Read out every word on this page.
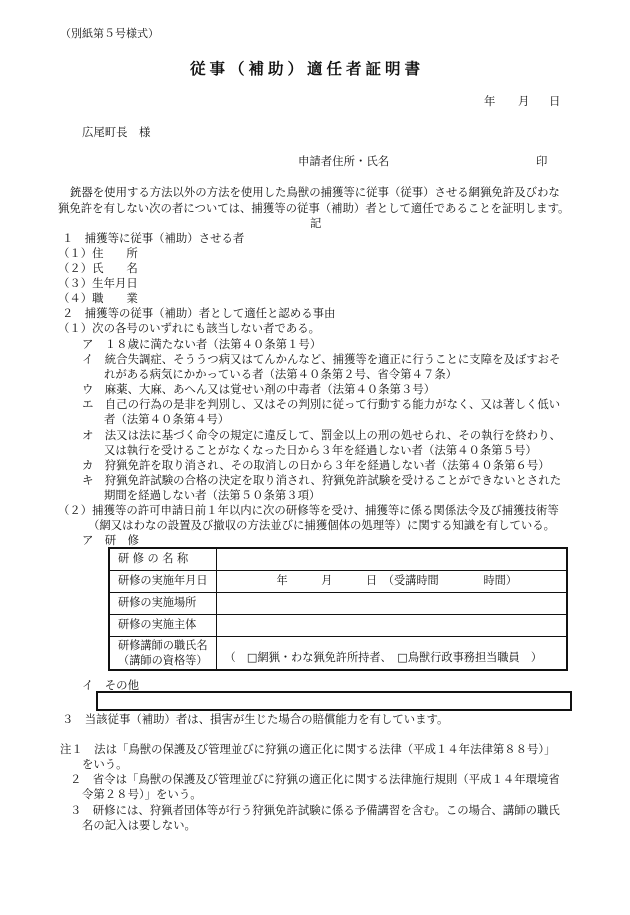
（別紙第５号様式）
従事（補助）適任者証明書
年 月 日
広尾町長　様
申請者住所・氏名	印
銃器を使用する方法以外の方法を使用した鳥獣の捕獲等に従事（従事）させる網猟免許及びわな
猟免許を有しない次の者については、捕獲等の従事（補助）者として適任であることを証明します。
記
１　捕獲等に従事（補助）させる者
（１）住　　所
（２）氏　　名
（３）生年月日
（４）職　　業
２　捕獲等の従事（補助）者として適任と認める事由
（１）次の各号のいずれにも該当しない者である。
ア　１８歳に満たない者（法第４０条第１号）
イ　統合失調症、そううつ病又はてんかんなど、捕獲等を適正に行うことに支障を及ぼすおそ
れがある病気にかかっている者（法第４０条第２号、省令第４７条）
ウ　麻薬、大麻、あへん又は覚せい剤の中毒者（法第４０条第３号）
エ　自己の行為の是非を判別し、又はその判別に従って行動する能力がなく、又は著しく低い
者（法第４０条第４号）
オ　法又は法に基づく命令の規定に違反して、罰金以上の刑の処せられ、その執行を終わり、
又は執行を受けることがなくなった日から３年を経過しない者（法第４０条第５号）
カ　狩猟免許を取り消され、その取消しの日から３年を経過しない者（法第４０条第６号）
キ　狩猟免許試験の合格の決定を取り消され、狩猟免許試験を受けることができないとされた
期間を経過しない者（法第５０条第３項）
（２）捕獲等の許可申請日前１年以内に次の研修等を受け、捕獲等に係る関係法令及び捕獲技術等
（網又はわなの設置及び撤収の方法並びに捕獲個体の処理等）に関する知識を有している。
ア　研　修
研 修 の 名 称	
研修の実施年月日	年　　　月　　　日　（受講時間　　　　時間）
研修の実施場所	
研修の実施主体	

研修講師の職氏名
（講師の資格等）	（　□網猟・わな猟免許所持者、　□鳥獣行政事務担当職員　）
イ　その他
３　当該従事（補助）者は、損害が生じた場合の賠償能力を有しています。
注１　法は「鳥獣の保護及び管理並びに狩猟の適正化に関する法律（平成１４年法律第８８号）」
をいう。
２　省令は「鳥獣の保護及び管理並びに狩猟の適正化に関する法律施行規則（平成１４年環境省
令第２８号）」をいう。
３　研修には、狩猟者団体等が行う狩猟免許試験に係る予備講習を含む。この場合、講師の職氏
名の記入は要しない。
